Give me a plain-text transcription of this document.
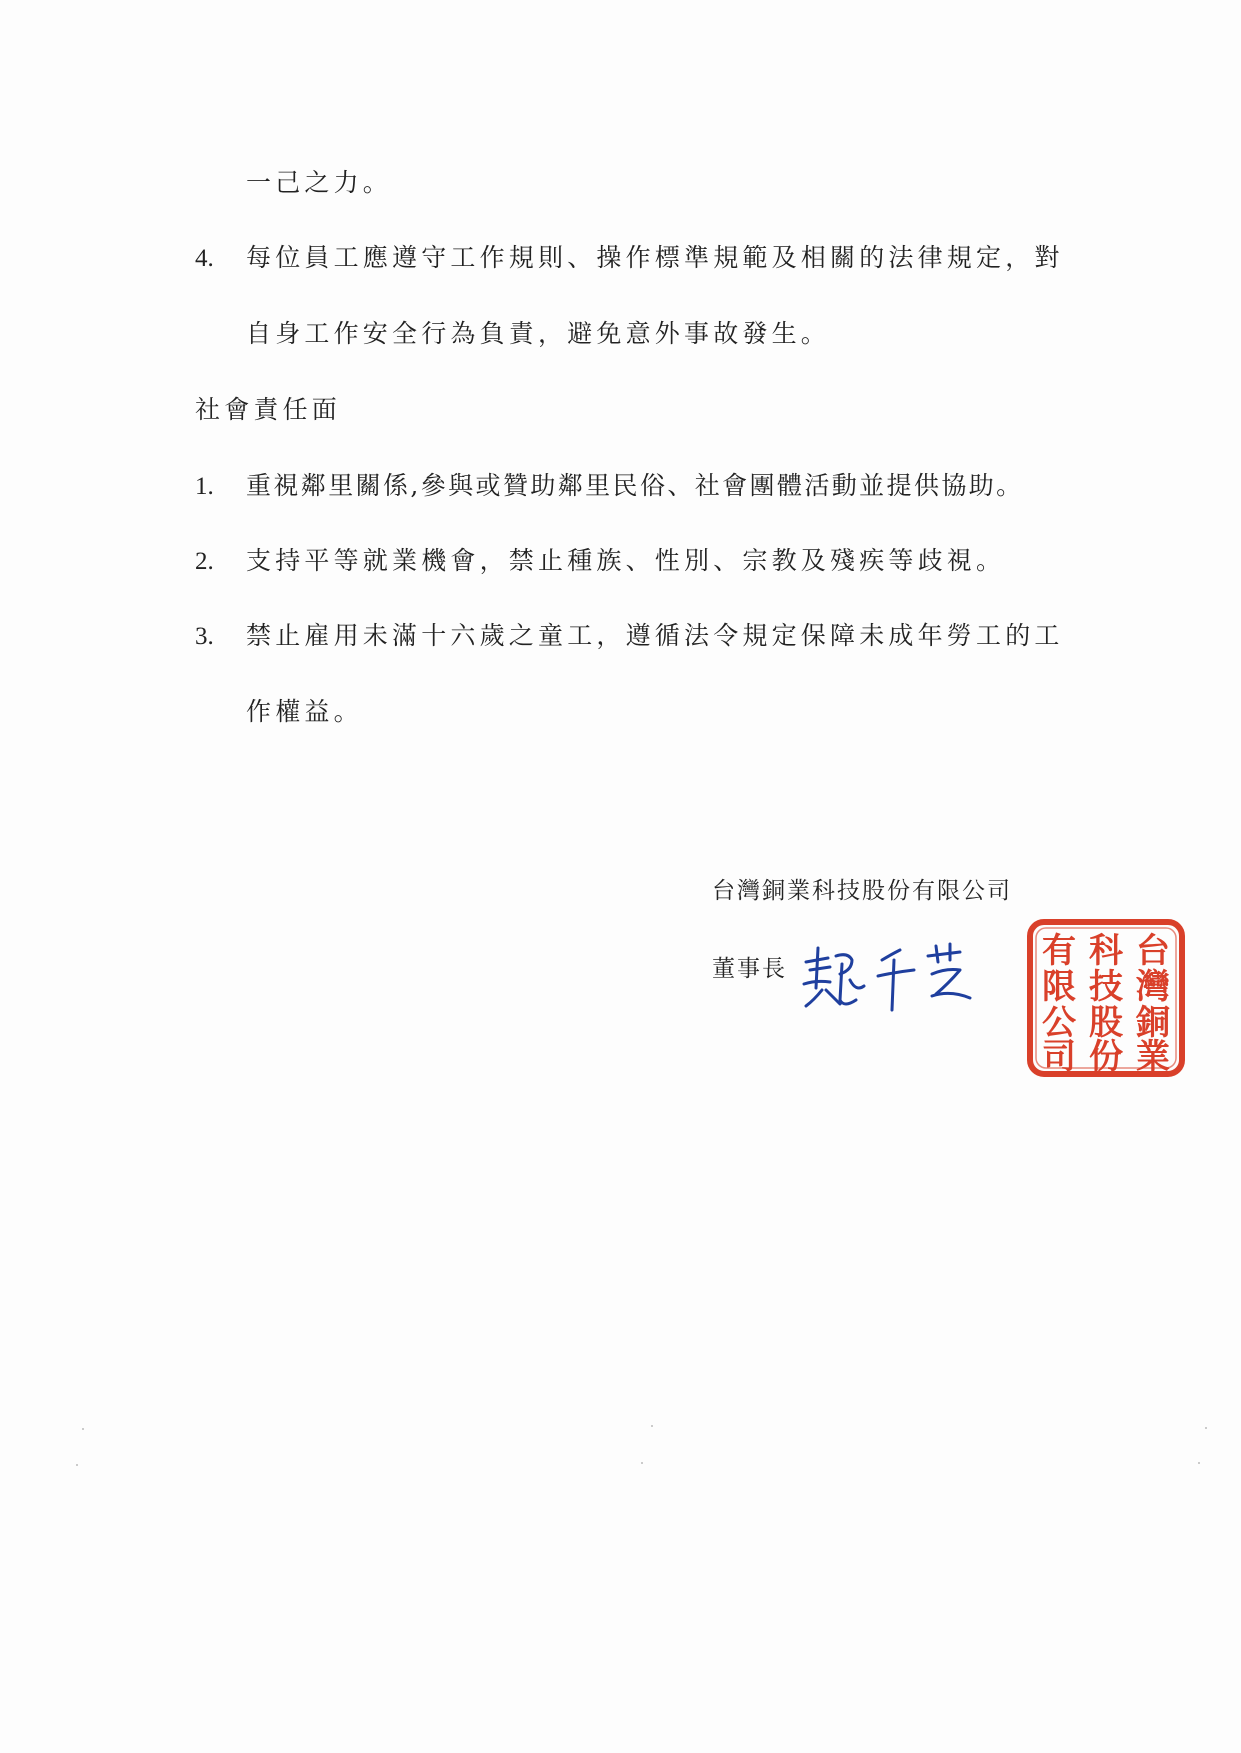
一己之力。
4. 每位員工應遵守工作規則、操作標準規範及相關的法律規定，對
自身工作安全行為負責，避免意外事故發生。
社會責任面
1. 重視鄰里關係,參與或贊助鄰里民俗、社會團體活動並提供協助。
2. 支持平等就業機會，禁止種族、性別、宗教及殘疾等歧視。
3. 禁止雇用未滿十六歲之童工，遵循法令規定保障未成年勞工的工
作權益。
台灣銅業科技股份有限公司
董事長	台
灣
銅
業
科
技
股
份
有
限
公
司
